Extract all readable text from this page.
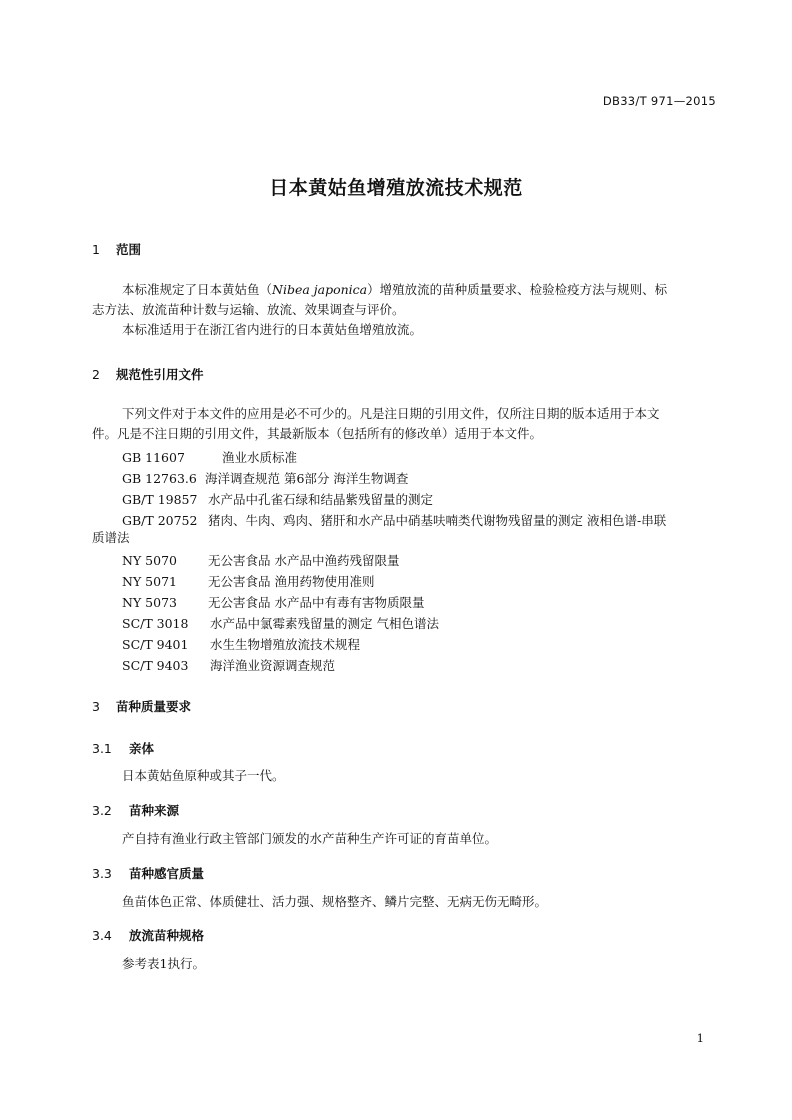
DB33/T 971—2015
日本黄姑鱼增殖放流技术规范
1 范围
本标准规定了日本黄姑鱼（Nibea japonica）增殖放流的苗种质量要求、检验检疫方法与规则、标
志方法、放流苗种计数与运输、放流、效果调查与评价。
本标准适用于在浙江省内进行的日本黄姑鱼增殖放流。
2 规范性引用文件
下列文件对于本文件的应用是必不可少的。凡是注日期的引用文件，仅所注日期的版本适用于本文
件。凡是不注日期的引用文件，其最新版本（包括所有的修改单）适用于本文件。
GB 11607	渔业水质标准
GB 12763.6 海洋调查规范 第6部分 海洋生物调查
GB/T 19857 水产品中孔雀石绿和结晶紫残留量的测定
GB/T 20752 猪肉、牛肉、鸡肉、猪肝和水产品中硝基呋喃类代谢物残留量的测定 液相色谱-串联
质谱法
NY 5070 无公害食品 水产品中渔药残留限量
NY 5071 无公害食品 渔用药物使用准则
NY 5073 无公害食品 水产品中有毒有害物质限量
SC/T 3018 水产品中氯霉素残留量的测定 气相色谱法
SC/T 9401 水生生物增殖放流技术规程
SC/T 9403 海洋渔业资源调查规范
3 苗种质量要求
3.1 亲体
日本黄姑鱼原种或其子一代。
3.2 苗种来源
产自持有渔业行政主管部门颁发的水产苗种生产许可证的育苗单位。
3.3 苗种感官质量
鱼苗体色正常、体质健壮、活力强、规格整齐、鳞片完整、无病无伤无畸形。
3.4 放流苗种规格
参考表1执行。
1
